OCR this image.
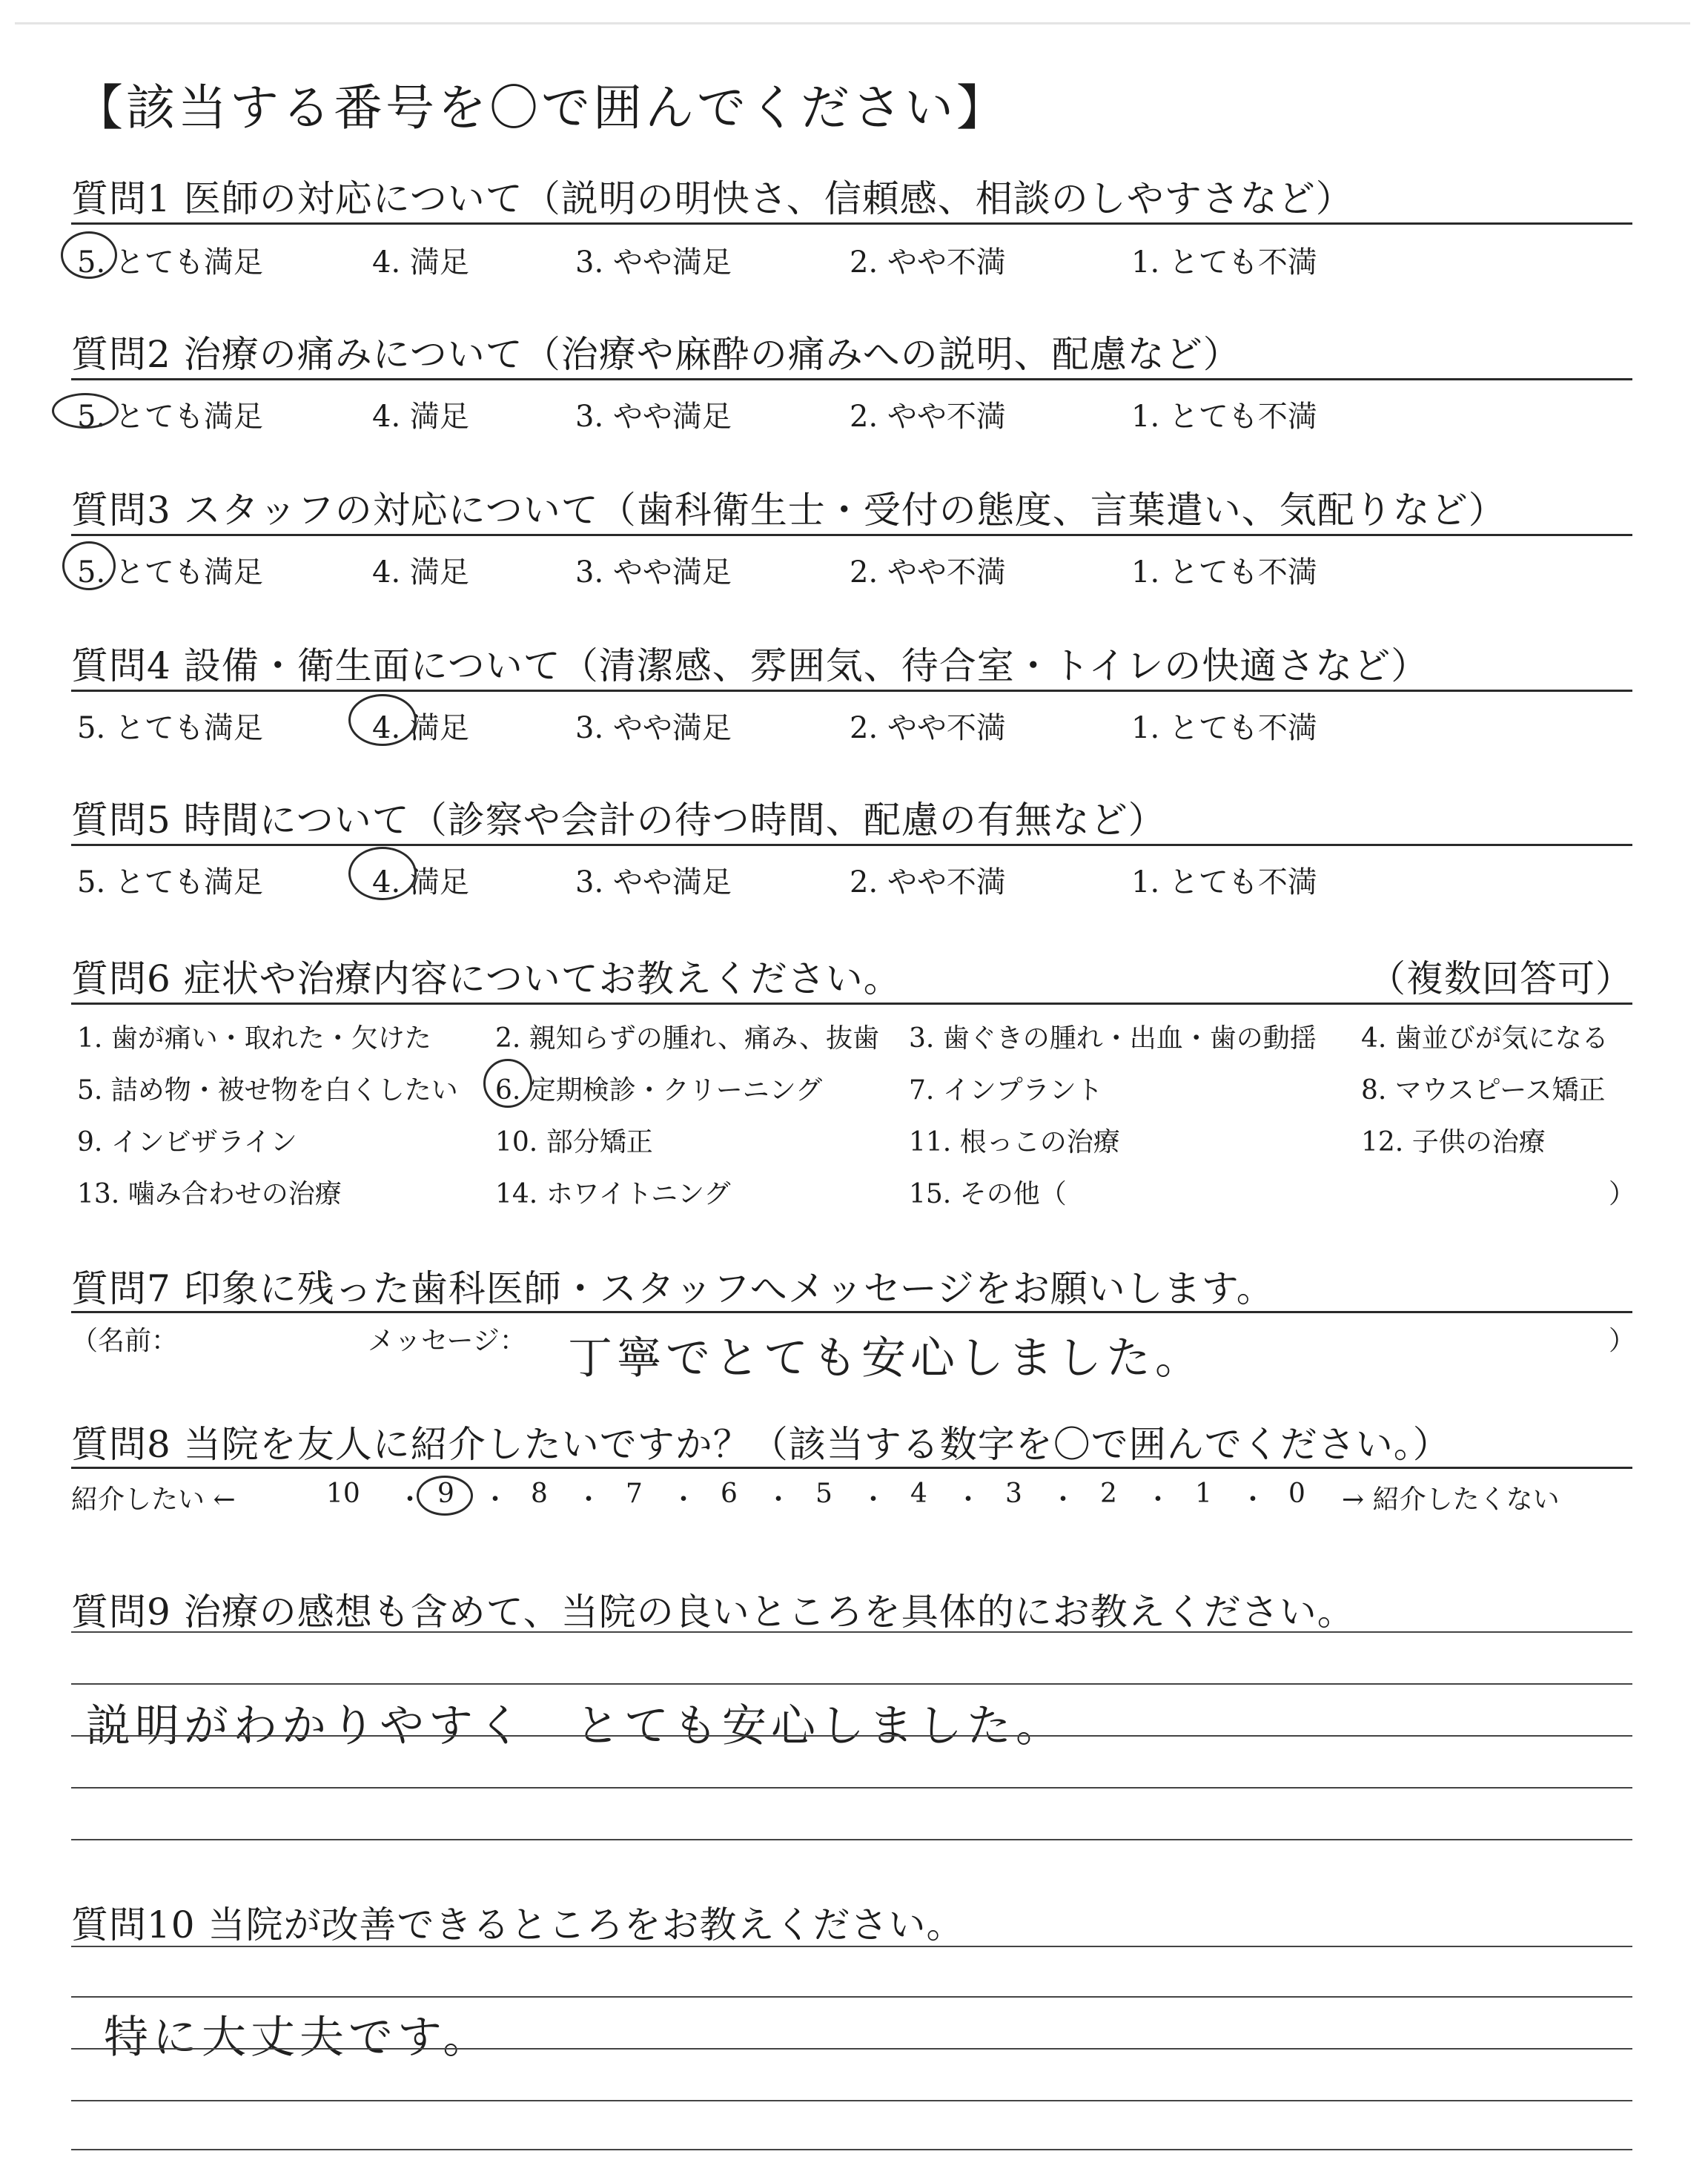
【該当する番号を〇で囲んでください】
質問1 医師の対応について（説明の明快さ、信頼感、相談のしやすさなど）
5. とても満足	4. 満足	3. やや満足	2. やや不満	1. とても不満
質問2 治療の痛みについて（治療や麻酔の痛みへの説明、配慮など）
5. とても満足	4. 満足	3. やや満足	2. やや不満	1. とても不満
質問3 スタッフの対応について（歯科衛生士・受付の態度、言葉遣い、気配りなど）
5. とても満足	4. 満足	3. やや満足	2. やや不満	1. とても不満
質問4 設備・衛生面について（清潔感、雰囲気、待合室・トイレの快適さなど）
5. とても満足	4. 満足	3. やや満足	2. やや不満	1. とても不満
質問5 時間について（診察や会計の待つ時間、配慮の有無など）
5. とても満足	4. 満足	3. やや満足	2. やや不満	1. とても不満
質問6 症状や治療内容についてお教えください。	（複数回答可）
1. 歯が痛い・取れた・欠けた 2. 親知らずの腫れ、痛み、抜歯 3. 歯ぐきの腫れ・出血・歯の動揺 4. 歯並びが気になる
5. 詰め物・被せ物を白くしたい 6. 定期検診・クリーニング	7. インプラント	8. マウスピース矯正
9. インビザライン	10. 部分矯正	11. 根っこの治療	12. 子供の治療
13. 噛み合わせの治療	14. ホワイトニング	15. その他（	）
質問7 印象に残った歯科医師・スタッフへメッセージをお願いします。
（名前：	メッセージ： 丁寧でとても安心しました。	）
質問8 当院を友人に紹介したいですか？（該当する数字を〇で囲んでください。）
紹介したい ←	→ 紹介したくない
10 ・ 9 ・ 8 ・ 7 ・ 6 ・ 5 ・ 4 ・ 3 ・ 2 ・ 1 ・ 0
質問9 治療の感想も含めて、当院の良いところを具体的にお教えください。
説明がわかりやすく　とても安心しました。
質問10 当院が改善できるところをお教えください。
特に大丈夫です。
